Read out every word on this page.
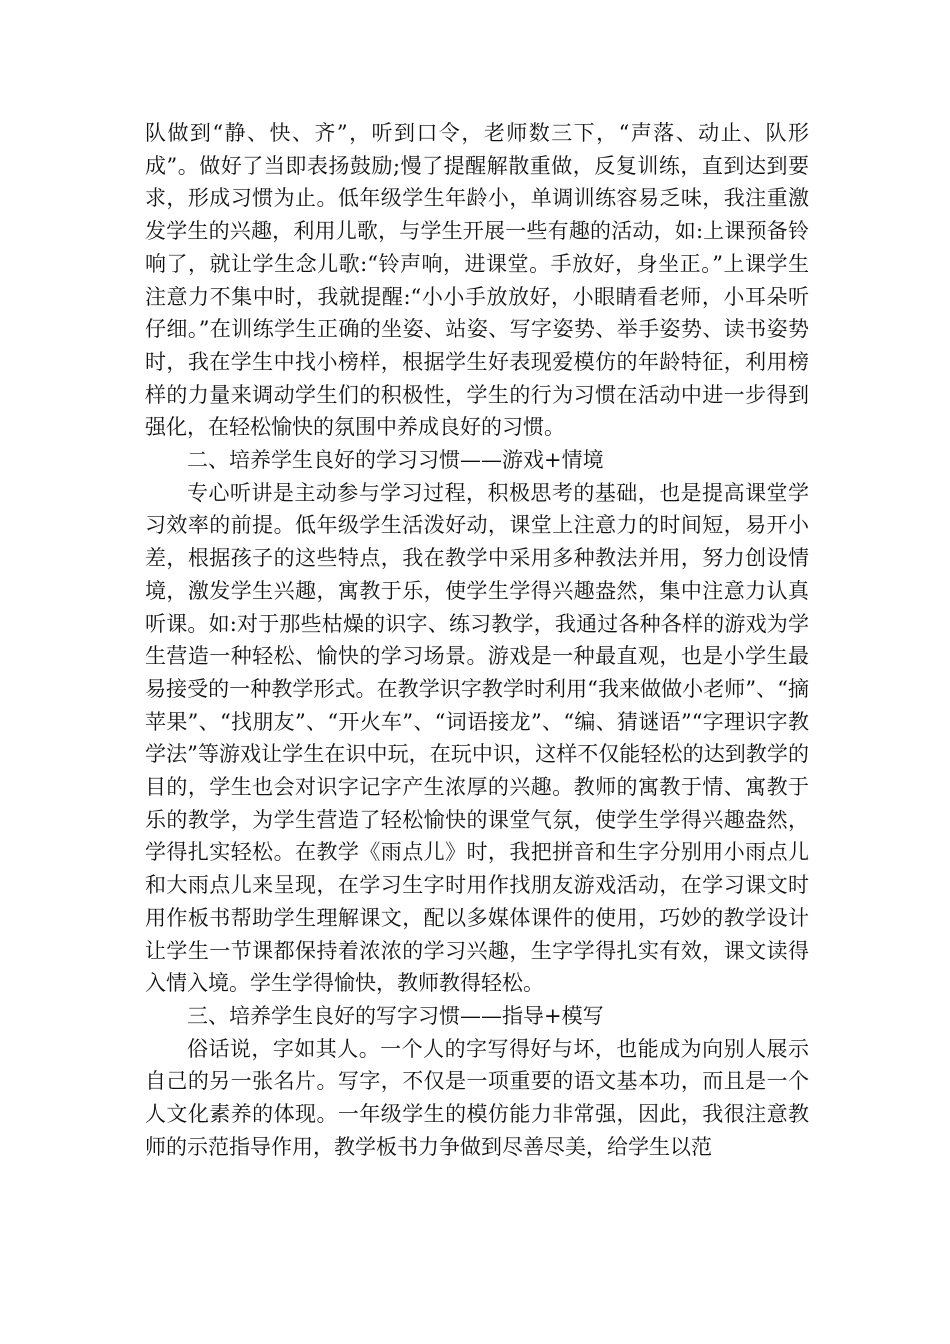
队做到“静、快、齐”，听到口令，老师数三下，“声落、动止、队形成”。做好了当即表扬鼓励;慢了提醒解散重做，反复训练，直到达到要求，形成习惯为止。低年级学生年龄小，单调训练容易乏味，我注重激发学生的兴趣，利用儿歌，与学生开展一些有趣的活动，如:上课预备铃响了，就让学生念儿歌:“铃声响，进课堂。手放好，身坐正。”上课学生注意力不集中时，我就提醒:“小小手放放好，小眼睛看老师，小耳朵听仔细。”在训练学生正确的坐姿、站姿、写字姿势、举手姿势、读书姿势时，我在学生中找小榜样，根据学生好表现爱模仿的年龄特征，利用榜样的力量来调动学生们的积极性，学生的行为习惯在活动中进一步得到强化，在轻松愉快的氛围中养成良好的习惯。

二、培养学生良好的学习习惯——游戏+情境

专心听讲是主动参与学习过程，积极思考的基础，也是提高课堂学习效率的前提。低年级学生活泼好动，课堂上注意力的时间短，易开小差，根据孩子的这些特点，我在教学中采用多种教法并用，努力创设情境，激发学生兴趣，寓教于乐，使学生学得兴趣盎然，集中注意力认真听课。如:对于那些枯燥的识字、练习教学，我通过各种各样的游戏为学生营造一种轻松、愉快的学习场景。游戏是一种最直观，也是小学生最易接受的一种教学形式。在教学识字教学时利用“我来做做小老师”、“摘苹果”、“找朋友”、“开火车”、“词语接龙”、“编、猜谜语”“字理识字教学法”等游戏让学生在识中玩，在玩中识，这样不仅能轻松的达到教学的目的，学生也会对识字记字产生浓厚的兴趣。教师的寓教于情、寓教于乐的教学，为学生营造了轻松愉快的课堂气氛，使学生学得兴趣盎然，学得扎实轻松。在教学《雨点儿》时，我把拼音和生字分别用小雨点儿和大雨点儿来呈现，在学习生字时用作找朋友游戏活动，在学习课文时用作板书帮助学生理解课文，配以多媒体课件的使用，巧妙的教学设计让学生一节课都保持着浓浓的学习兴趣，生字学得扎实有效，课文读得入情入境。学生学得愉快，教师教得轻松。

三、培养学生良好的写字习惯——指导+模写

俗话说，字如其人。一个人的字写得好与坏，也能成为向别人展示自己的另一张名片。写字，不仅是一项重要的语文基本功，而且是一个人文化素养的体现。一年级学生的模仿能力非常强，因此，我很注意教师的示范指导作用，教学板书力争做到尽善尽美，给学生以范
